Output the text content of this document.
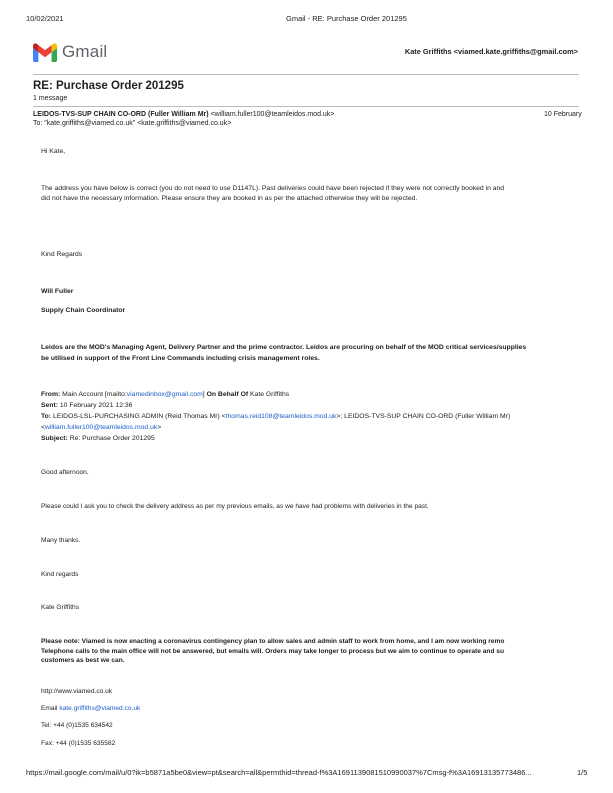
10/02/2021	Gmail - RE: Purchase Order 201295
Gmail	Kate Griffiths <viamed.kate.griffiths@gmail.com>
RE: Purchase Order 201295
1 message
LEIDOS-TVS-SUP CHAIN CO-ORD (Fuller William Mr) <william.fuller100@teamleidos.mod.uk>	10 February
To: "kate.griffiths@viamed.co.uk" <kate.griffiths@viamed.co.uk>
Hi Kate,
The address you have below is correct (you do not need to use D1147L). Past deliveries could have been rejected if they were not correctly booked in and
did not have the necessary information. Please ensure they are booked in as per the attached otherwise they will be rejected.
Kind Regards
Will Fuller
Supply Chain Coordinator
Leidos are the MOD's Managing Agent, Delivery Partner and the prime contractor. Leidos are procuring on behalf of the MOD critical services/supplies
be utilised in support of the Front Line Commands including crisis management roles.
From: Main Account [mailto:viamedinbox@gmail.com] On Behalf Of Kate Griffiths
Sent: 10 February 2021 12:36
To: LEIDOS-LSL-PURCHASING ADMIN (Reid Thomas Mr) <thomas.reid108@teamleidos.mod.uk>; LEIDOS-TVS-SUP CHAIN CO-ORD (Fuller William Mr)
<william.fuller100@teamleidos.mod.uk>
Subject: Re: Purchase Order 201295
Good afternoon,
Please could I ask you to check the delivery address as per my previous emails, as we have had problems with deliveries in the past.
Many thanks.
Kind regards
Kate Griffiths
Please note: Viamed is now enacting a coronavirus contingency plan to allow sales and admin staff to work from home, and I am now working remo
Telephone calls to the main office will not be answered, but emails will. Orders may take longer to process but we aim to continue to operate and su
customers as best we can.
http://www.viamed.co.uk
Email kate.griffiths@viamed.co.uk
Tel: +44 (0)1535 634542
Fax: +44 (0)1535 635582
https://mail.google.com/mail/u/0?ik=b5871a5be0&view=pt&search=all&permthid=thread-f%3A1691139081510990037%7Cmsg-f%3A16913135773486...	1/5
